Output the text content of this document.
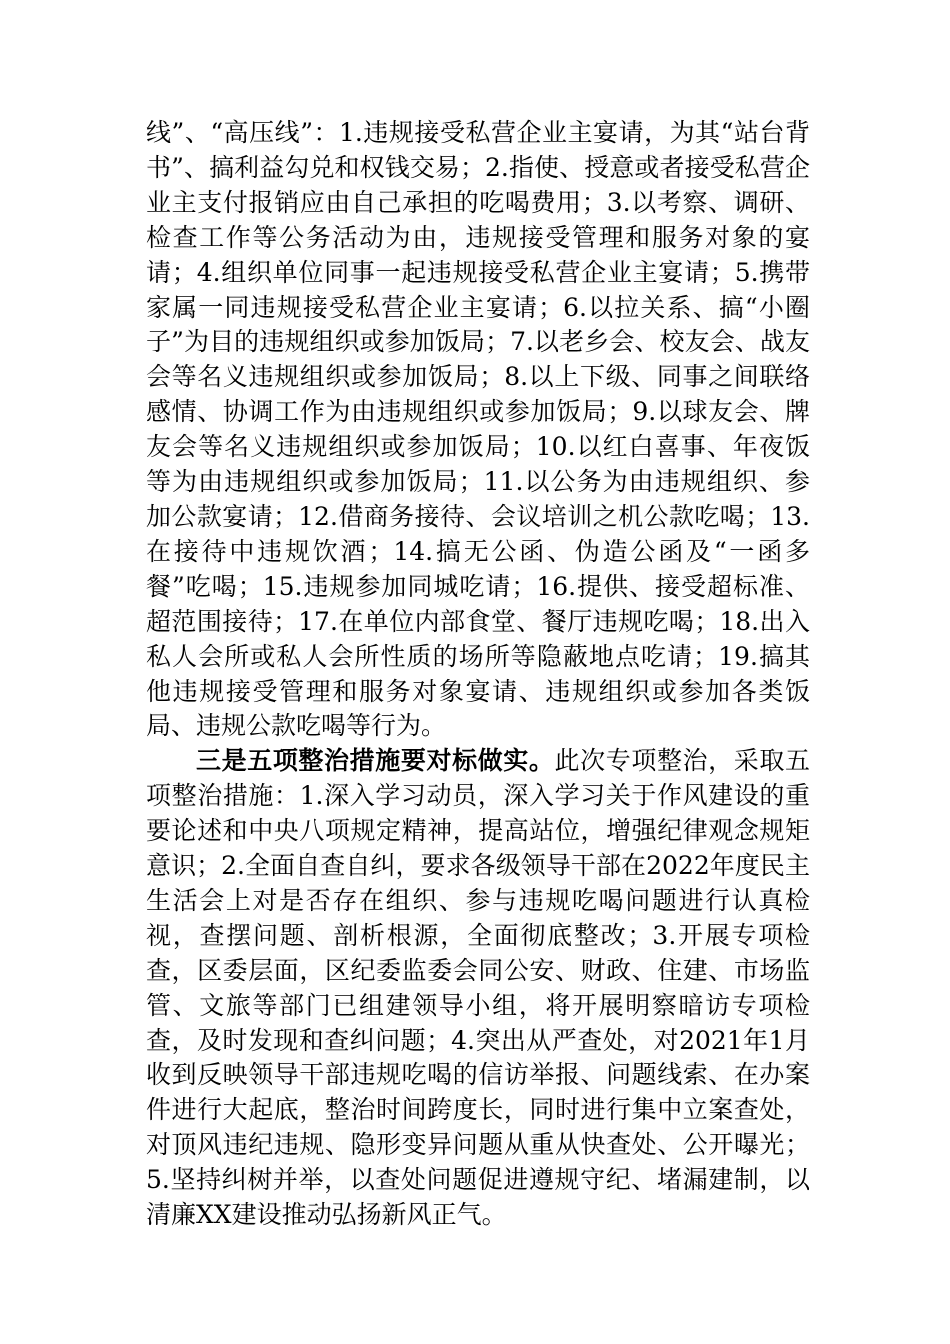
线”、“高压线”：1.违规接受私营企业主宴请，为其“站台背书”、搞利益勾兑和权钱交易；2.指使、授意或者接受私营企业主支付报销应由自己承担的吃喝费用；3.以考察、调研、检查工作等公务活动为由，违规接受管理和服务对象的宴请；4.组织单位同事一起违规接受私营企业主宴请；5.携带家属一同违规接受私营企业主宴请；6.以拉关系、搞“小圈子”为目的违规组织或参加饭局；7.以老乡会、校友会、战友会等名义违规组织或参加饭局；8.以上下级、同事之间联络感情、协调工作为由违规组织或参加饭局；9.以球友会、牌友会等名义违规组织或参加饭局；10.以红白喜事、年夜饭等为由违规组织或参加饭局；11.以公务为由违规组织、参加公款宴请；12.借商务接待、会议培训之机公款吃喝；13.在接待中违规饮酒；14.搞无公函、伪造公函及“一函多餐”吃喝；15.违规参加同城吃请；16.提供、接受超标准、超范围接待；17.在单位内部食堂、餐厅违规吃喝；18.出入私人会所或私人会所性质的场所等隐蔽地点吃请；19.搞其他违规接受管理和服务对象宴请、违规组织或参加各类饭局、违规公款吃喝等行为。

三是五项整治措施要对标做实。此次专项整治，采取五项整治措施：1.深入学习动员，深入学习关于作风建设的重要论述和中央八项规定精神，提高站位，增强纪律观念规矩意识；2.全面自查自纠，要求各级领导干部在2022年度民主生活会上对是否存在组织、参与违规吃喝问题进行认真检视，查摆问题、剖析根源，全面彻底整改；3.开展专项检查，区委层面，区纪委监委会同公安、财政、住建、市场监管、文旅等部门已组建领导小组，将开展明察暗访专项检查，及时发现和查纠问题；4.突出从严查处，对2021年1月收到反映领导干部违规吃喝的信访举报、问题线索、在办案件进行大起底，整治时间跨度长，同时进行集中立案查处，对顶风违纪违规、隐形变异问题从重从快查处、公开曝光；5.坚持纠树并举，以查处问题促进遵规守纪、堵漏建制，以清廉XX建设推动弘扬新风正气。
